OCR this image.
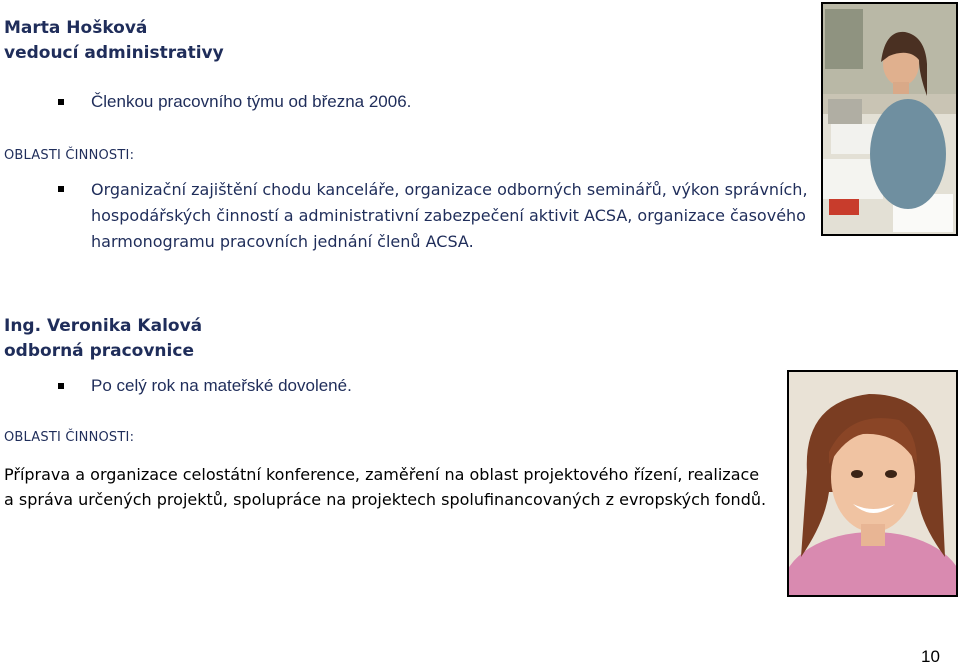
Marta Hošková
vedoucí administrativy
Členkou pracovního týmu od března 2006.
OBLASTI ČINNOSTI:
Organizační zajištění chodu kanceláře, organizace odborných seminářů, výkon správních,
hospodářských činností a administrativní zabezpečení aktivit ACSA, organizace časového
harmonogramu pracovních jednání členů ACSA.
Ing. Veronika Kalová
odborná pracovnice
Po celý rok na mateřské dovolené.
OBLASTI ČINNOSTI:
Příprava a organizace celostátní konference, zaměření na oblast projektového řízení, realizace
a správa určených projektů, spolupráce na projektech spolufinancovaných z evropských fondů.
10
